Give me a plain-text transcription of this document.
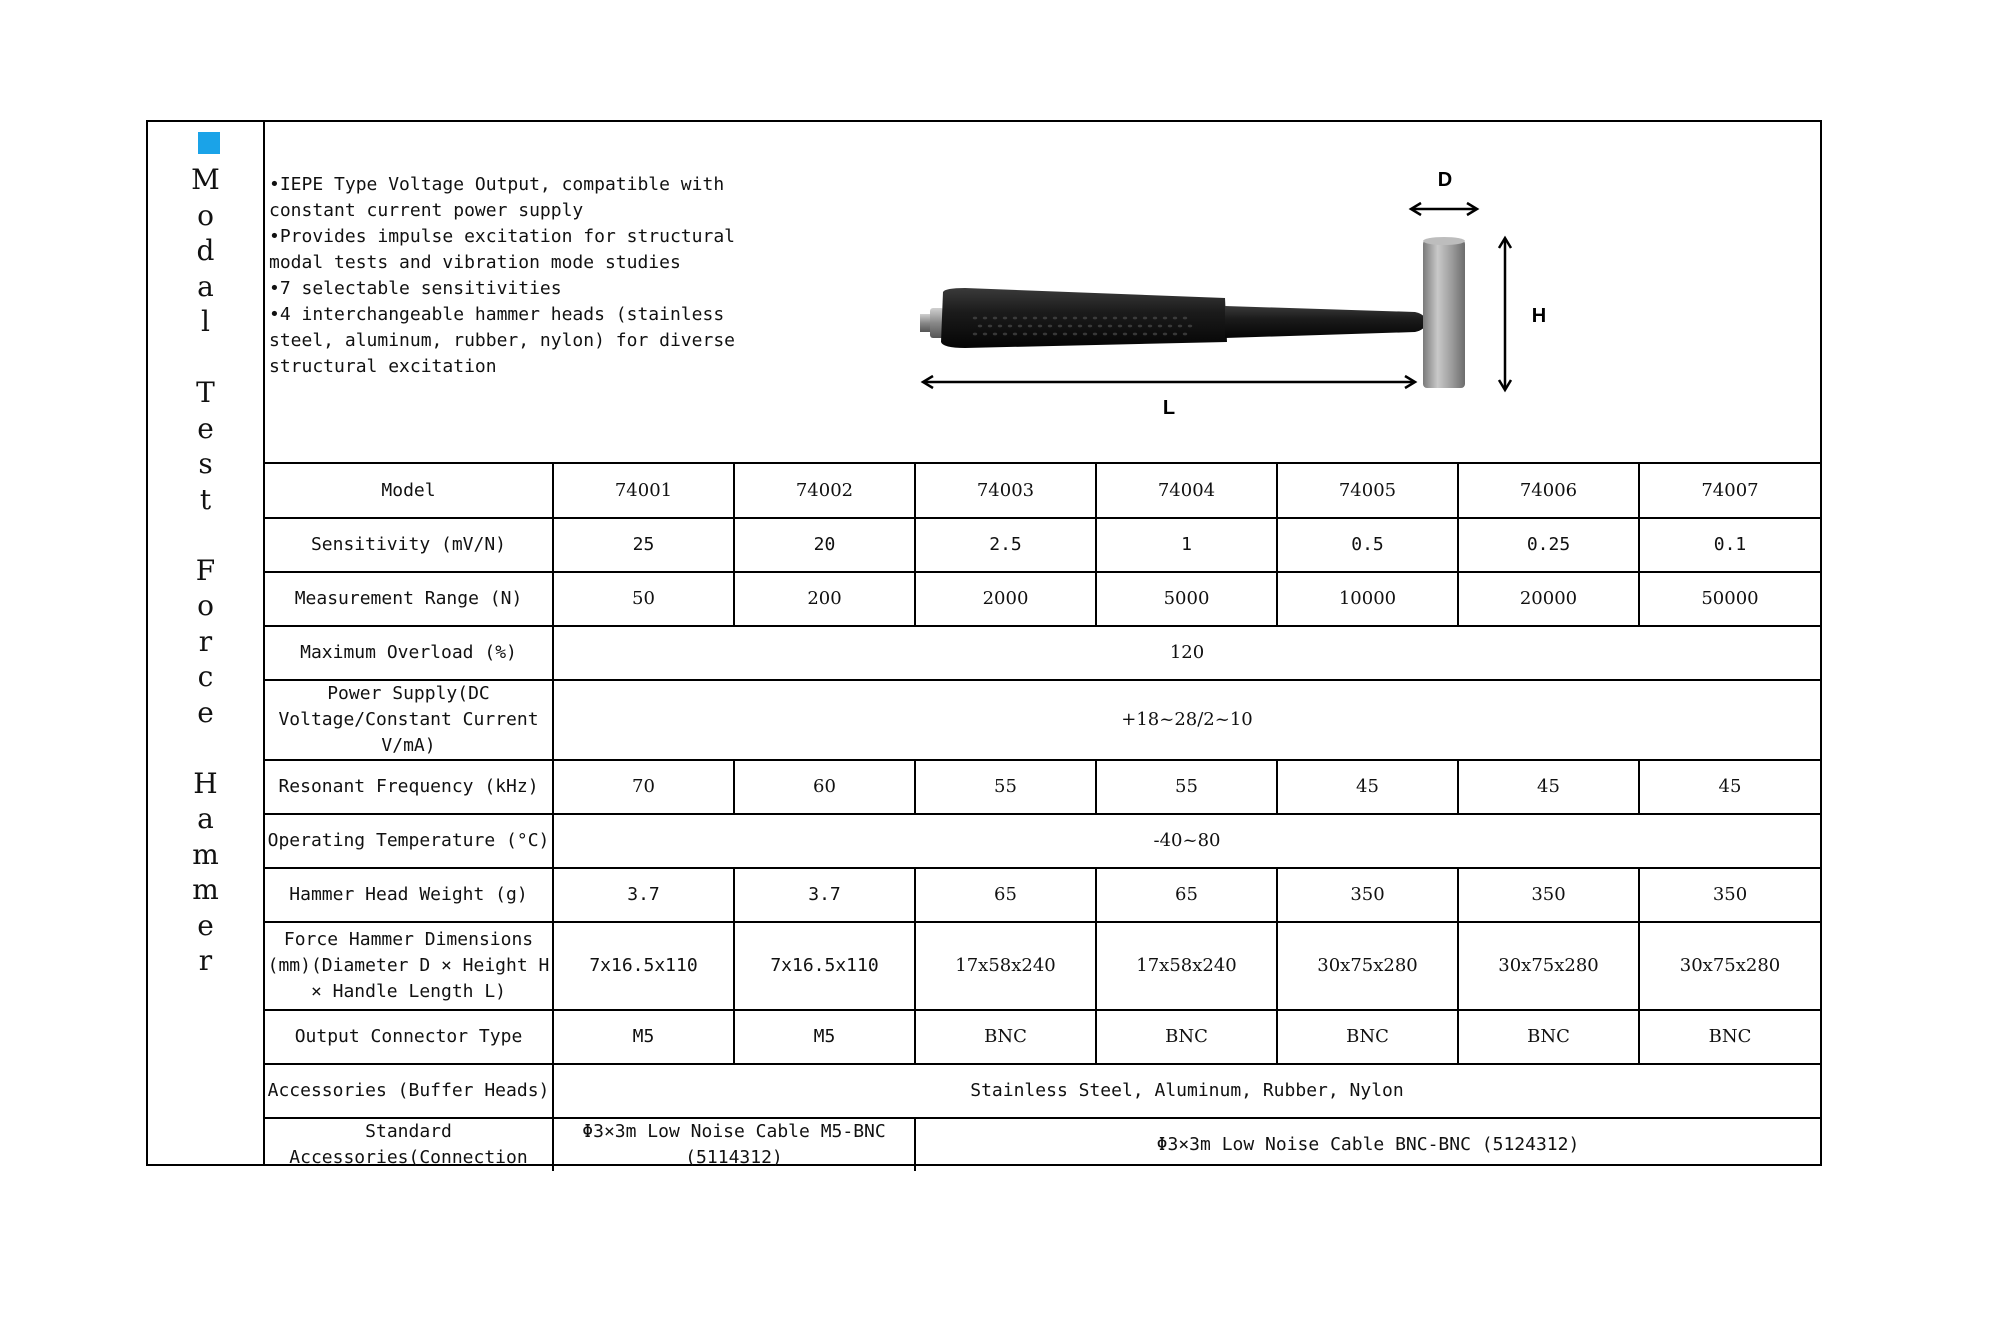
M
o
d
a
l
T
e
s
t
F
o
r
c
e
H
a
m
m
e
r

•IEPE Type Voltage Output, compatible with constant current power supply

•Provides impulse excitation for structural modal tests and vibration mode studies

•7 selectable sensitivities

•4 interchangeable hammer heads (stainless steel, aluminum, rubber, nylon) for diverse structural excitation

D
H
L
Model	74001	74002	74003	74004	74005	74006	74007
Sensitivity (mV/N)	25	20	2.5	1	0.5	0.25	0.1
Measurement Range (N)	50	200	2000	5000	10000	20000	50000
Maximum Overload (%)	120						
Power Supply(DC Voltage/Constant Current V/mA)	+18~28/2~10						
Resonant Frequency (kHz)	70	60	55	55	45	45	45
Operating Temperature (°C)	-40~80						
Hammer Head Weight (g)	3.7	3.7	65	65	350	350	350
Force Hammer Dimensions (mm)(Diameter D × Height H × Handle Length L)	7x16.5x110	7x16.5x110	17x58x240	17x58x240	30x75x280	30x75x280	30x75x280
Output Connector Type	M5	M5	BNC	BNC	BNC	BNC	BNC
Accessories (Buffer Heads)	Stainless Steel, Aluminum, Rubber, Nylon						
Standard Accessories(Connection	Φ3×3m Low Noise Cable M5-BNC (5114312)		Φ3×3m Low Noise Cable BNC-BNC (5124312)				
